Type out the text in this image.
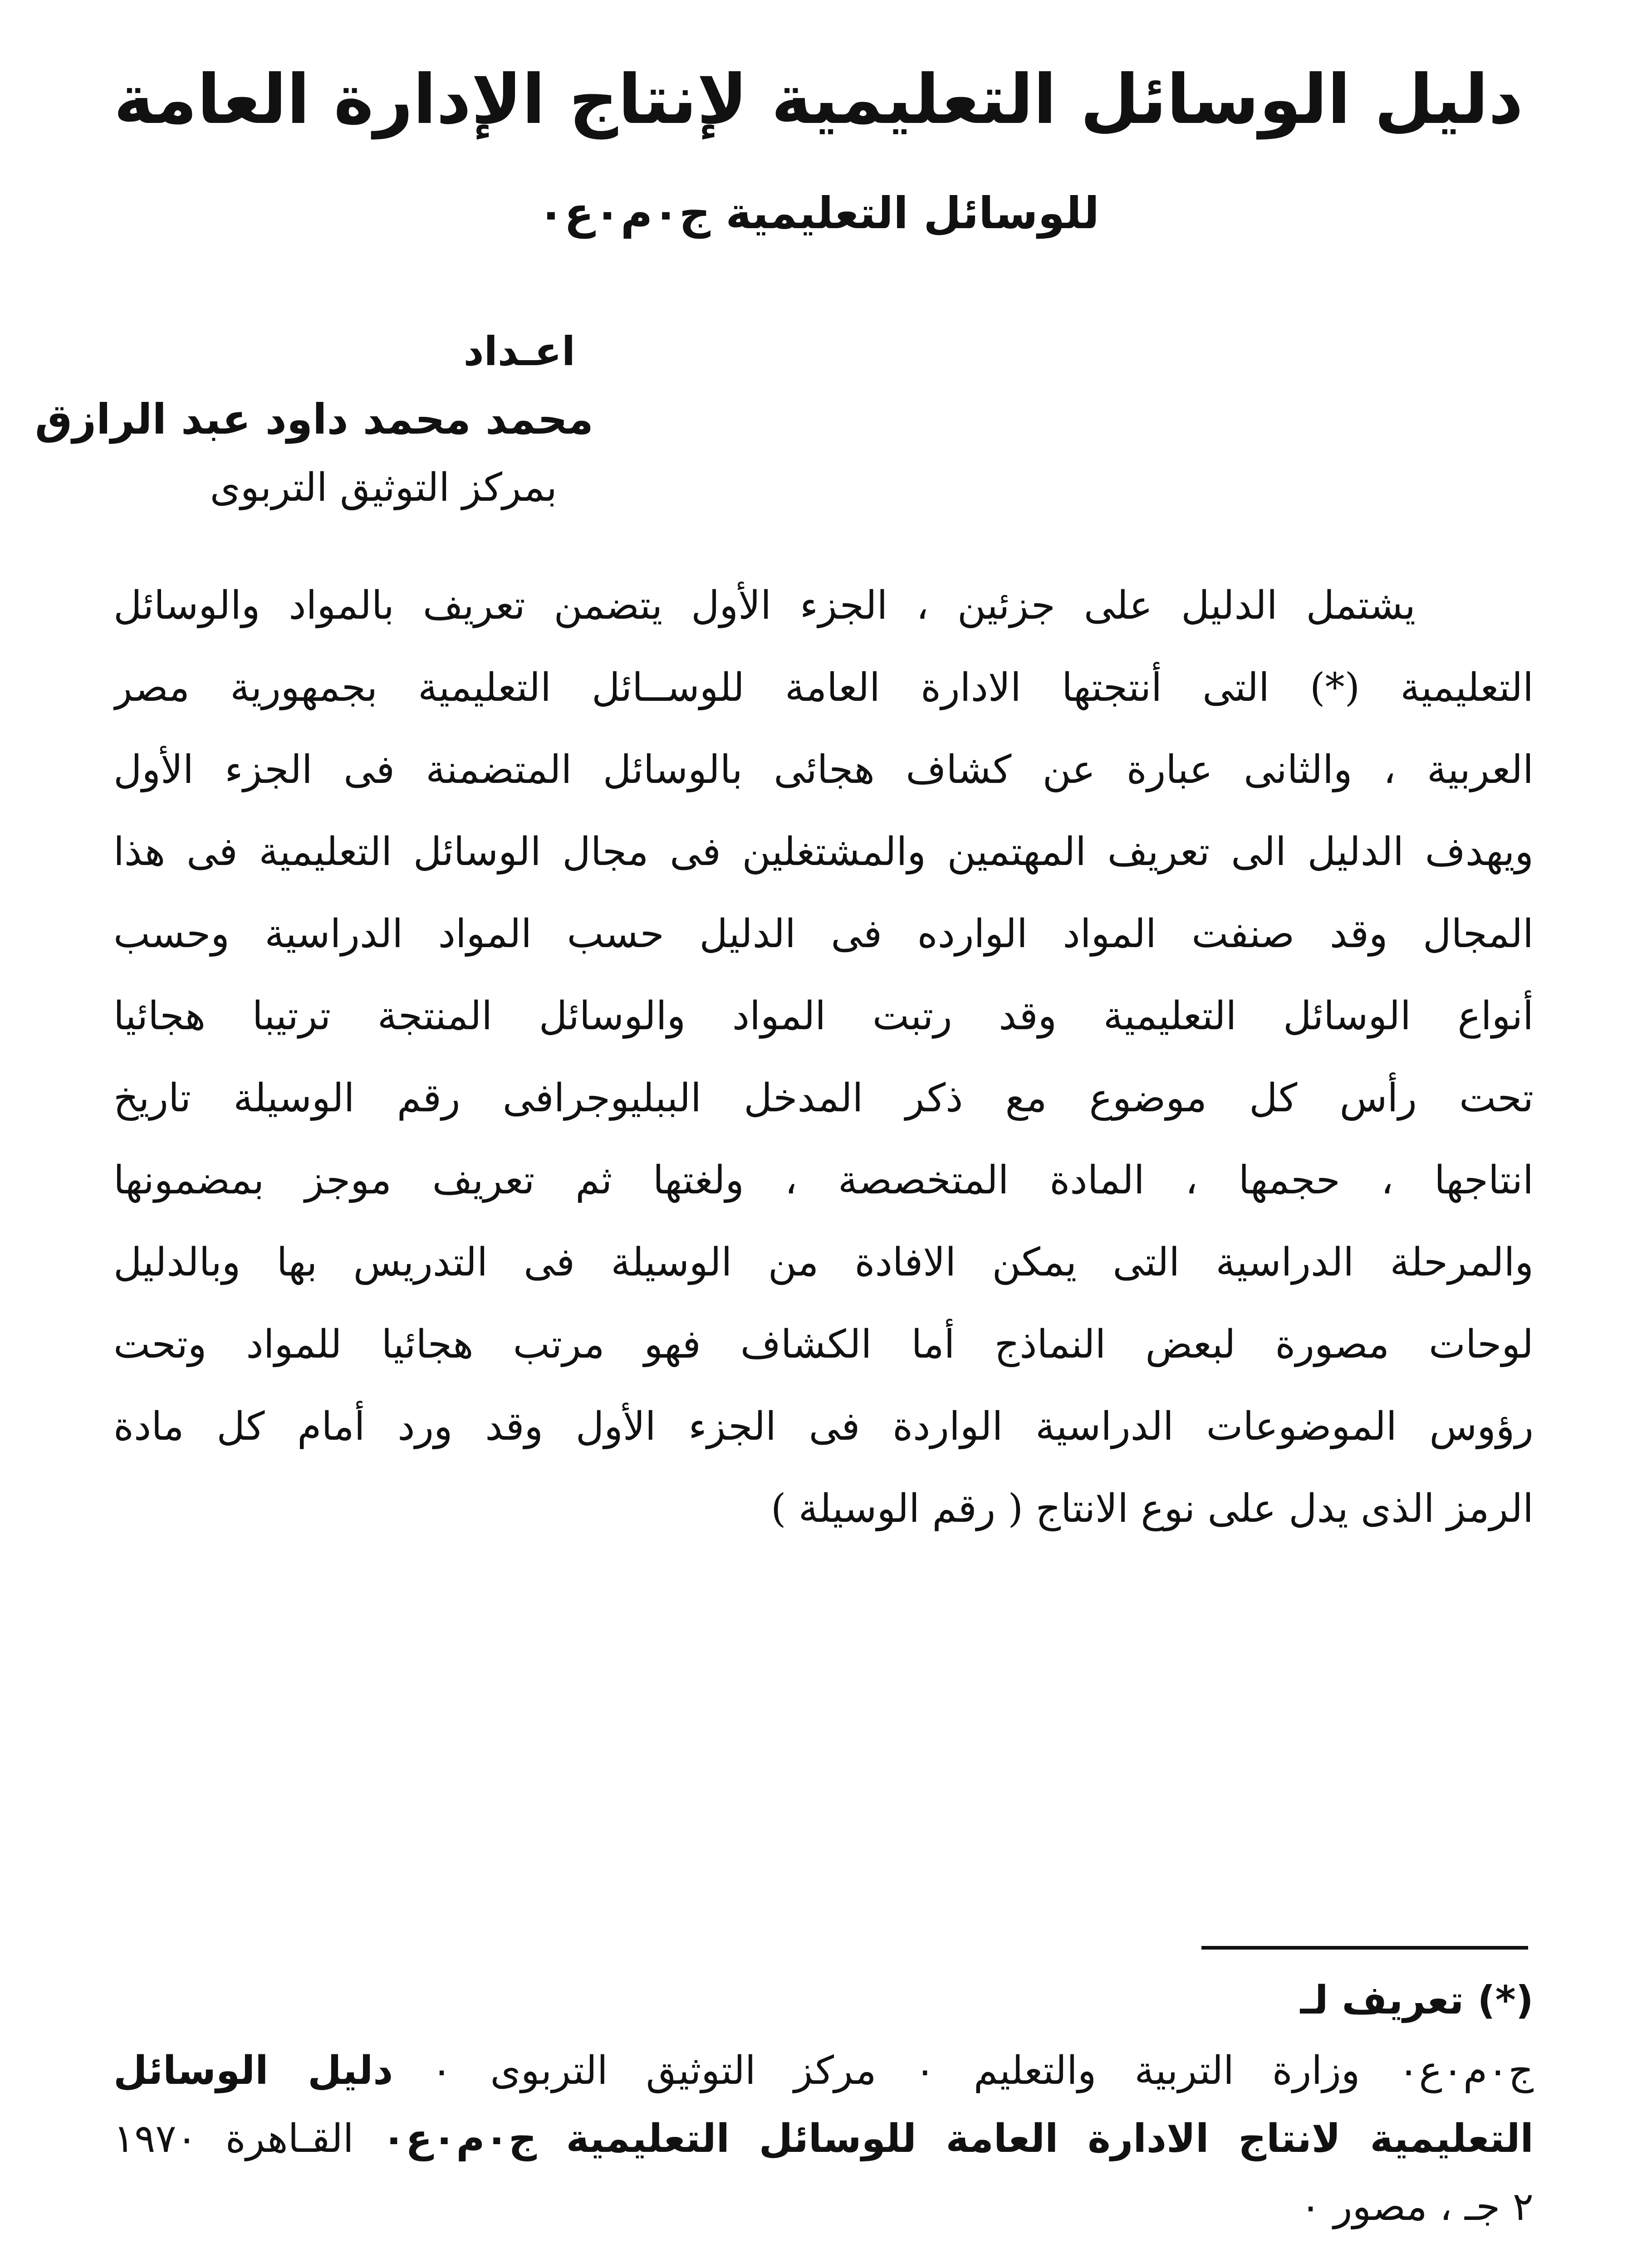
دليل الوسائل التعليمية لإنتاج الإدارة العامة
للوسائل التعليمية ج٠م٠ع٠
اعـداد
محمد محمد داود عبد الرازق
بمركز التوثيق التربوى
يشتمل الدليل على جزئين ، الجزء الأول يتضمن تعريف بالمواد والوسائل
التعليمية (*) التى أنتجتها الادارة العامة للوســائل التعليمية بجمهورية مصر
العربية ، والثانى عبارة عن كشاف هجائى بالوسائل المتضمنة فى الجزء الأول
ويهدف الدليل الى تعريف المهتمين والمشتغلين فى مجال الوسائل التعليمية فى هذا
المجال وقد صنفت المواد الوارده فى الدليل حسب المواد الدراسية وحسب
أنواع الوسائل التعليمية وقد رتبت المواد والوسائل المنتجة ترتيبا هجائيا
تحت رأس كل موضوع مع ذكر المدخل الببليوجرافى رقم الوسيلة تاريخ
انتاجها ، حجمها ، المادة المتخصصة ، ولغتها ثم تعريف موجز بمضمونها
والمرحلة الدراسية التى يمكن الافادة من الوسيلة فى التدريس بها وبالدليل
لوحات مصورة لبعض النماذج أما الكشاف فهو مرتب هجائيا للمواد وتحت
رؤوس الموضوعات الدراسية الواردة فى الجزء الأول وقد ورد أمام كل مادة
الرمز الذى يدل على نوع الانتاج ( رقم الوسيلة )
(*) تعريف لـ
ج٠م٠ع٠ وزارة التربية والتعليم ٠ مركز التوثيق التربوى ٠ دليل الوسائل
التعليمية لانتاج الادارة العامة للوسائل التعليمية ج٠م٠ع٠ القـاهرة ١٩٧٠
٢ جـ ، مصور ٠
